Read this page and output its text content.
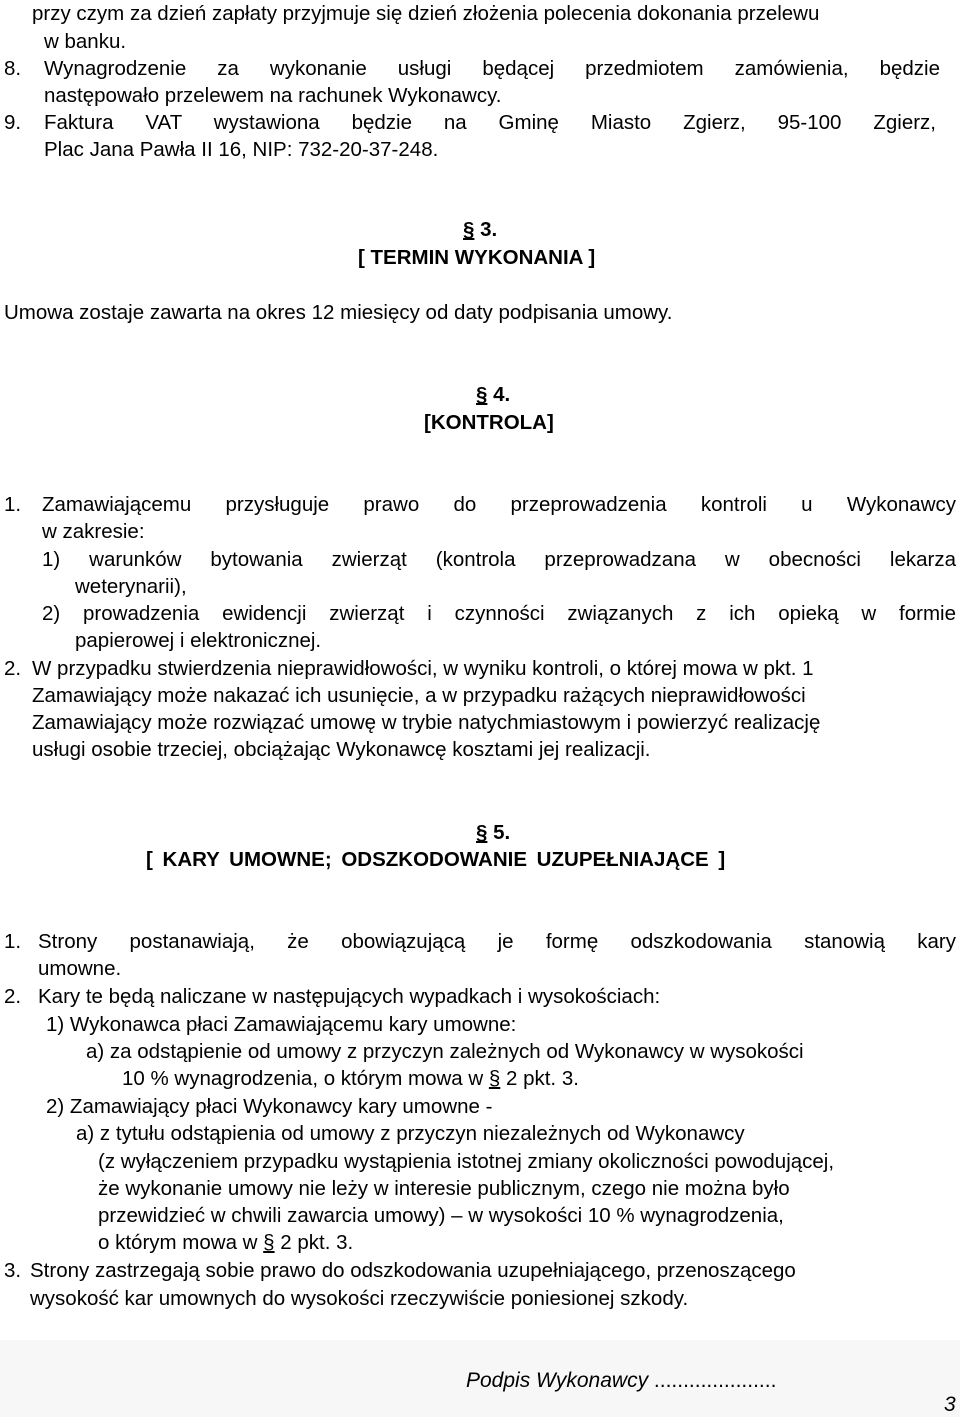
przy czym za dzień zapłaty przyjmuje się dzień złożenia polecenia dokonania przelewu
w banku.
8. Wynagrodzenie za wykonanie usługi będącej przedmiotem zamówienia, będzie
następowało przelewem na rachunek Wykonawcy.
9. Faktura VAT wystawiona będzie na Gminę Miasto Zgierz, 95-100 Zgierz,
Plac Jana Pawła II 16, NIP: 732-20-37-248.
§ 3.
[ TERMIN WYKONANIA ]
Umowa zostaje zawarta na okres 12 miesięcy od daty podpisania umowy.
§ 4.
[KONTROLA]
1. Zamawiającemu przysługuje prawo do przeprowadzenia kontroli u Wykonawcy
w zakresie:
1) warunków bytowania zwierząt (kontrola przeprowadzana w obecności lekarza
weterynarii),
2) prowadzenia ewidencji zwierząt i czynności związanych z ich opieką w formie
papierowej i elektronicznej.
2. W przypadku stwierdzenia nieprawidłowości, w wyniku kontroli, o której mowa w pkt. 1
Zamawiający może nakazać ich usunięcie, a w przypadku rażących nieprawidłowości
Zamawiający może rozwiązać umowę w trybie natychmiastowym i powierzyć realizację
usługi osobie trzeciej, obciążając Wykonawcę kosztami jej realizacji.
§ 5.
[ KARY UMOWNE; ODSZKODOWANIE UZUPEŁNIAJĄCE ]
1. Strony postanawiają, że obowiązującą je formę odszkodowania stanowią kary
umowne.
2. Kary te będą naliczane w następujących wypadkach i wysokościach:
1) Wykonawca płaci Zamawiającemu kary umowne:
a) za odstąpienie od umowy z przyczyn zależnych od Wykonawcy w wysokości
10 % wynagrodzenia, o którym mowa w § 2 pkt. 3.
2) Zamawiający płaci Wykonawcy kary umowne -
a) z tytułu odstąpienia od umowy z przyczyn niezależnych od Wykonawcy
(z wyłączeniem przypadku wystąpienia istotnej zmiany okoliczności powodującej,
że wykonanie umowy nie leży w interesie publicznym, czego nie można było
przewidzieć w chwili zawarcia umowy) – w wysokości 10 % wynagrodzenia,
o którym mowa w § 2 pkt. 3.
3. Strony zastrzegają sobie prawo do odszkodowania uzupełniającego, przenoszącego
wysokość kar umownych do wysokości rzeczywiście poniesionej szkody.
Podpis Wykonawcy .....................
3
